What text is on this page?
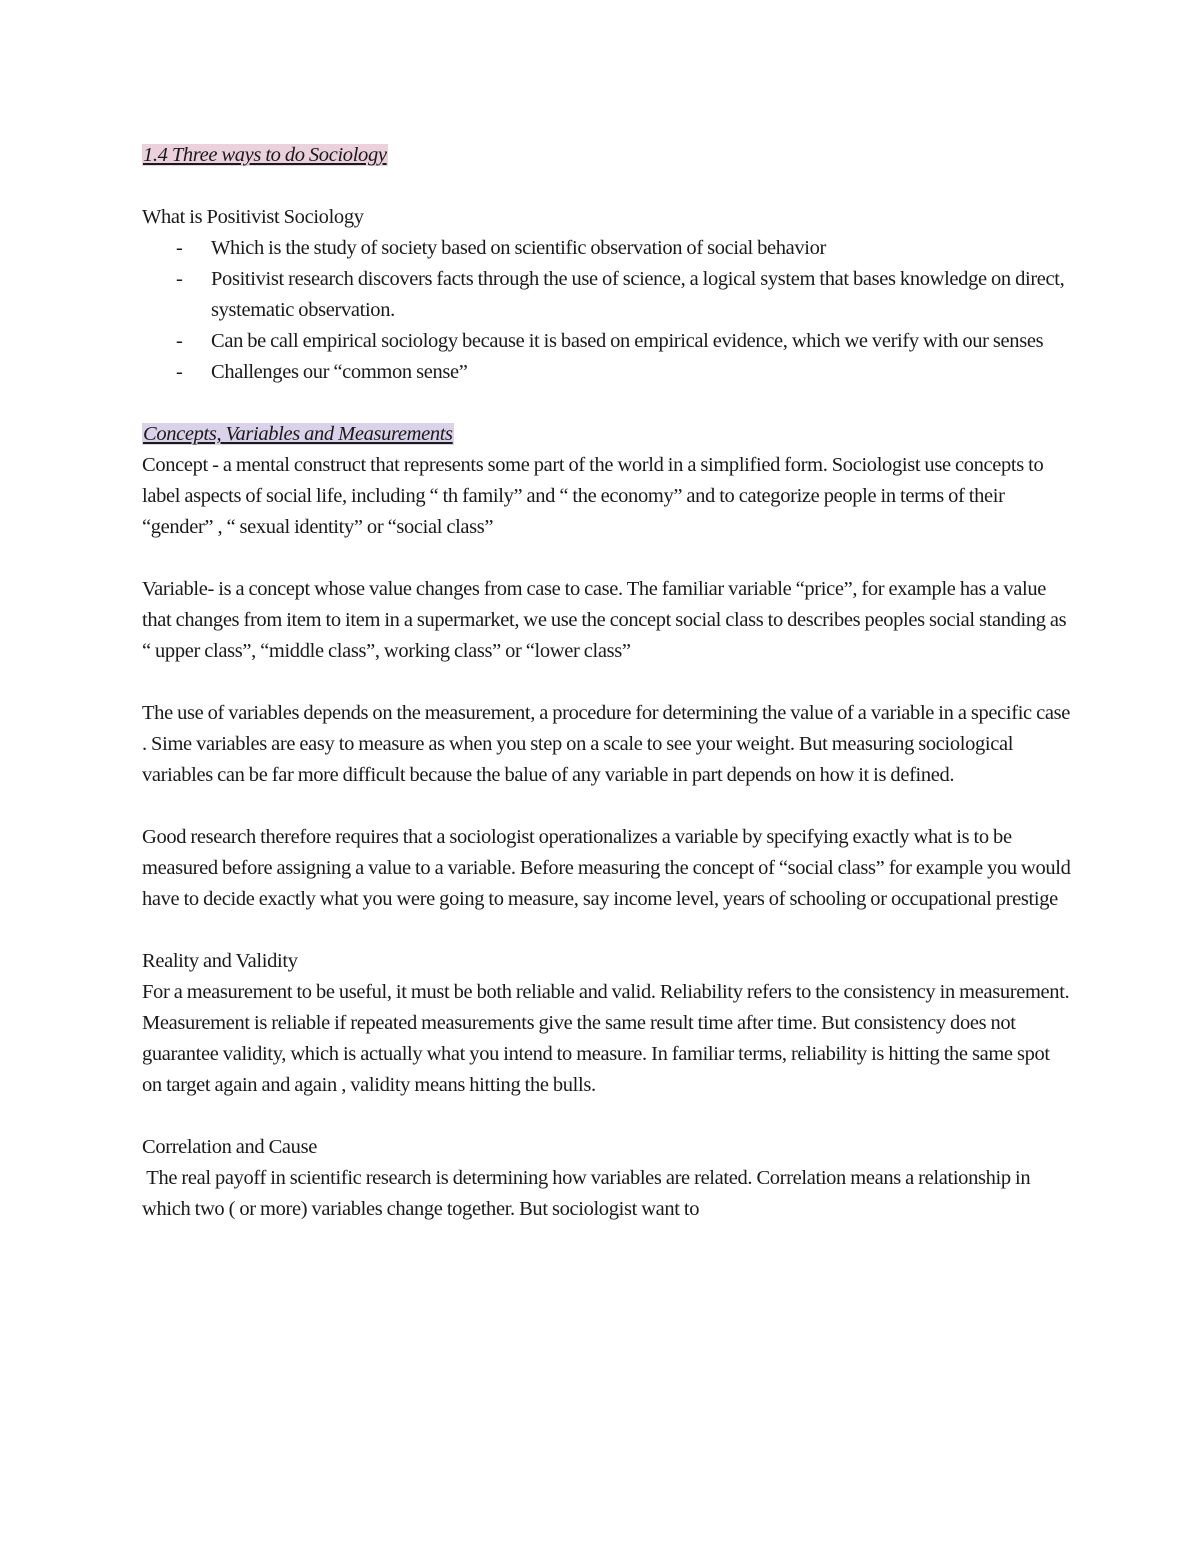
1.4 Three ways to do Sociology

What is Positivist Sociology

- Which is the study of society based on scientific observation of social behavior
- Positivist research discovers facts through the use of science, a logical system that bases knowledge on direct, systematic observation.
- Can be call empirical sociology because it is based on empirical evidence, which we verify with our senses
- Challenges our “common sense”

Concepts, Variables and Measurements

Concept - a mental construct that represents some part of the world in a simplified form. Sociologist use concepts to label aspects of social life, including “ th family” and “ the economy” and to categorize people in terms of their “gender” , “ sexual identity” or “social class”

Variable- is a concept whose value changes from case to case. The familiar variable “price”, for example has a value that changes from item to item in a supermarket, we use the concept social class to describes peoples social standing as “ upper class”, “middle class”, working class” or “lower class”

The use of variables depends on the measurement, a procedure for determining the value of a variable in a specific case . Sime variables are easy to measure as when you step on a scale to see your weight. But measuring sociological variables can be far more difficult because the balue of any variable in part depends on how it is defined.

Good research therefore requires that a sociologist operationalizes a variable by specifying exactly what is to be measured before assigning a value to a variable. Before measuring the concept of “social class” for example you would have to decide exactly what you were going to measure, say income level, years of schooling or occupational prestige

Reality and Validity

For a measurement to be useful, it must be both reliable and valid. Reliability refers to the consistency in measurement. Measurement is reliable if repeated measurements give the same result time after time. But consistency does not guarantee validity, which is actually what you intend to measure. In familiar terms, reliability is hitting the same spot on target again and again , validity means hitting the bulls.

Correlation and Cause

The real payoff in scientific research is determining how variables are related. Correlation means a relationship in which two ( or more) variables change together. But sociologist want to
